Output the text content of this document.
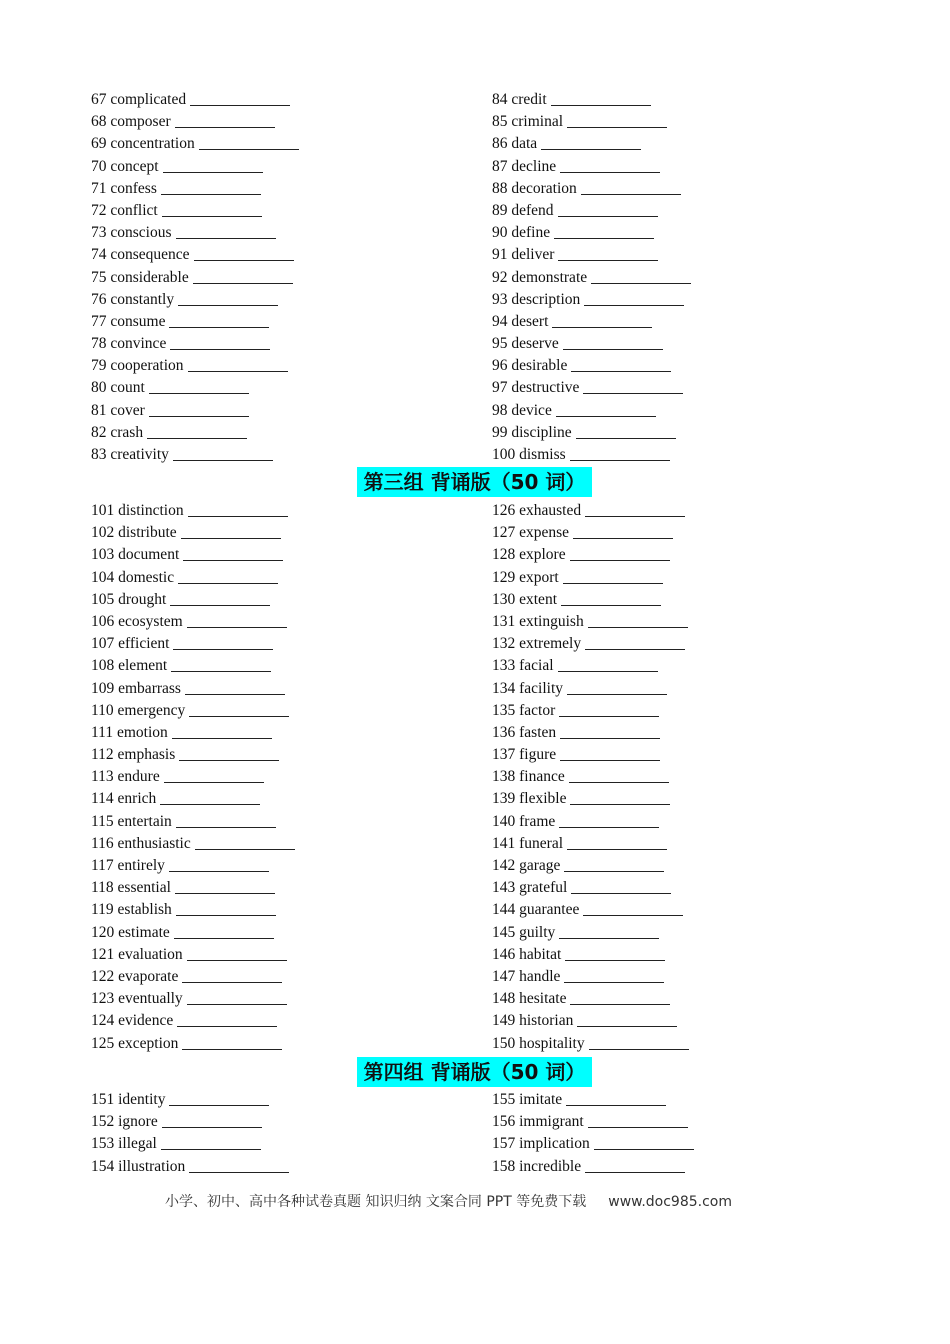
67 complicated
68 composer
69 concentration
70 concept
71 confess
72 conflict
73 conscious
74 consequence
75 considerable
76 constantly
77 consume
78 convince
79 cooperation
80 count
81 cover
82 crash
83 creativity
84 credit
85 criminal
86 data
87 decline
88 decoration
89 defend
90 define
91 deliver
92 demonstrate
93 description
94 desert
95 deserve
96 desirable
97 destructive
98 device
99 discipline
100 dismiss
第三组 背诵版（50 词）
101 distinction
102 distribute
103 document
104 domestic
105 drought
106 ecosystem
107 efficient
108 element
109 embarrass
110 emergency
111 emotion
112 emphasis
113 endure
114 enrich
115 entertain
116 enthusiastic
117 entirely
118 essential
119 establish
120 estimate
121 evaluation
122 evaporate
123 eventually
124 evidence
125 exception
126 exhausted
127 expense
128 explore
129 export
130 extent
131 extinguish
132 extremely
133 facial
134 facility
135 factor
136 fasten
137 figure
138 finance
139 flexible
140 frame
141 funeral
142 garage
143 grateful
144 guarantee
145 guilty
146 habitat
147 handle
148 hesitate
149 historian
150 hospitality
第四组 背诵版（50 词）
151 identity
152 ignore
153 illegal
154 illustration
155 imitate
156 immigrant
157 implication
158 incredible
小学、初中、高中各种试卷真题 知识归纳 文案合同 PPT 等免费下载 www.doc985.com
